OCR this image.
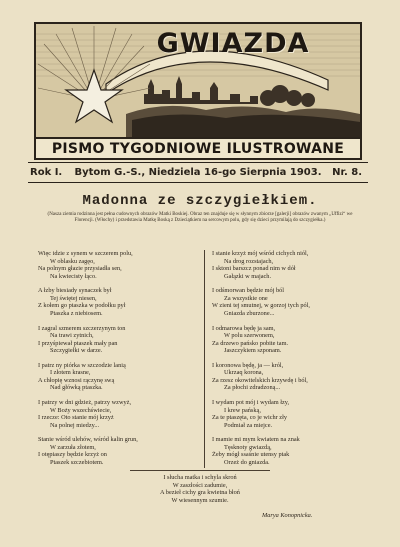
GWIAZDA
PISMO TYGODNIOWE ILUSTROWANE
Rok I.	Bytom G.-S., Niedziela 16-go Sierpnia 1903.	Nr. 8.
Madonna ze szczygiełkiem.
(Nasza ziemia rodzinna jest pełna cudownych obrazów Matki Boskiej. Obraz ten znajduje się w słynnym zbiorze [galerji] obrazów zwanym „Uffizi“ we Florencji. (Włochy) i przedstawia Matkę Boską z Dzieciątkiem na sercowym polu, gdy się dzieci przymilają do szczygiełka.)
Więc idzie z synem w szczerem polu,
W oblasku zagęo,
Na polnym głazie przysiadła sen,
Na kwiecisty łąco.
A łzby biesiady synaczek był
Tej świętej niesen,
Z kołem go ptaszka w podołku pył
Ptaszka z niebiosem.
I zagral szmerem szczerzynym ton
Na trawi zytnich,
I przyśpiewał ptaszek mały pan
Szczygiełki w darze.
I patrz ny piórka w szczodzie lanią
I złotem krasne,
A chłopię wznosi rączynę swą
Nad główką ptaszka.
I patrzy w dni gdzież, patrzy wzwyż,
W Boży wszechświecie,
I rzecze: Oto stanie mój krzyż
Na polnej miedzy...
Stanie wśród ulehów, wśród kalin grun,
W zarzuła złotem,
I otępiaszy będzie krzyż on
Ptaszek szczebiotem.
I stanie krzyż mój wśród cichych niól,
Na drog rozstajach,
I sktoni barszcz ponad nim w dół
Gałązki w majach.
I odśmorwan będzie mój ból
Za wszystkie one
W zieni tej smutnej, w gorzoj tych pól,
Gniazda zburzone...
I odmarowa będę ja sam,
W polu szerwonem,
Za drzewo pańsko pobite tam.
Jaszczykiem szponam.
I koronowa będę, ja — król,
Ukrzaq korona,
Za rzesz okowitelskich krzywdę i ból,
Za płochi zdradzoną...
I wydam pot mój i wydam łzy,
I krew pańską,
Za te ptaszęta, co je wichr zły
Podmiał za miejce.
I mamie mi mym kwiatem na znak
Tęsknoty gwiazdą,
Żeby mógł ssaśnie utensy ptak
Orzeż do gniazda.
I słucha matka i schyla skroń
W zaszłości zadumie,
A bezieł cichy gra kwietna błoń
W wiesennym szumie.
Marya Konopnicka.
